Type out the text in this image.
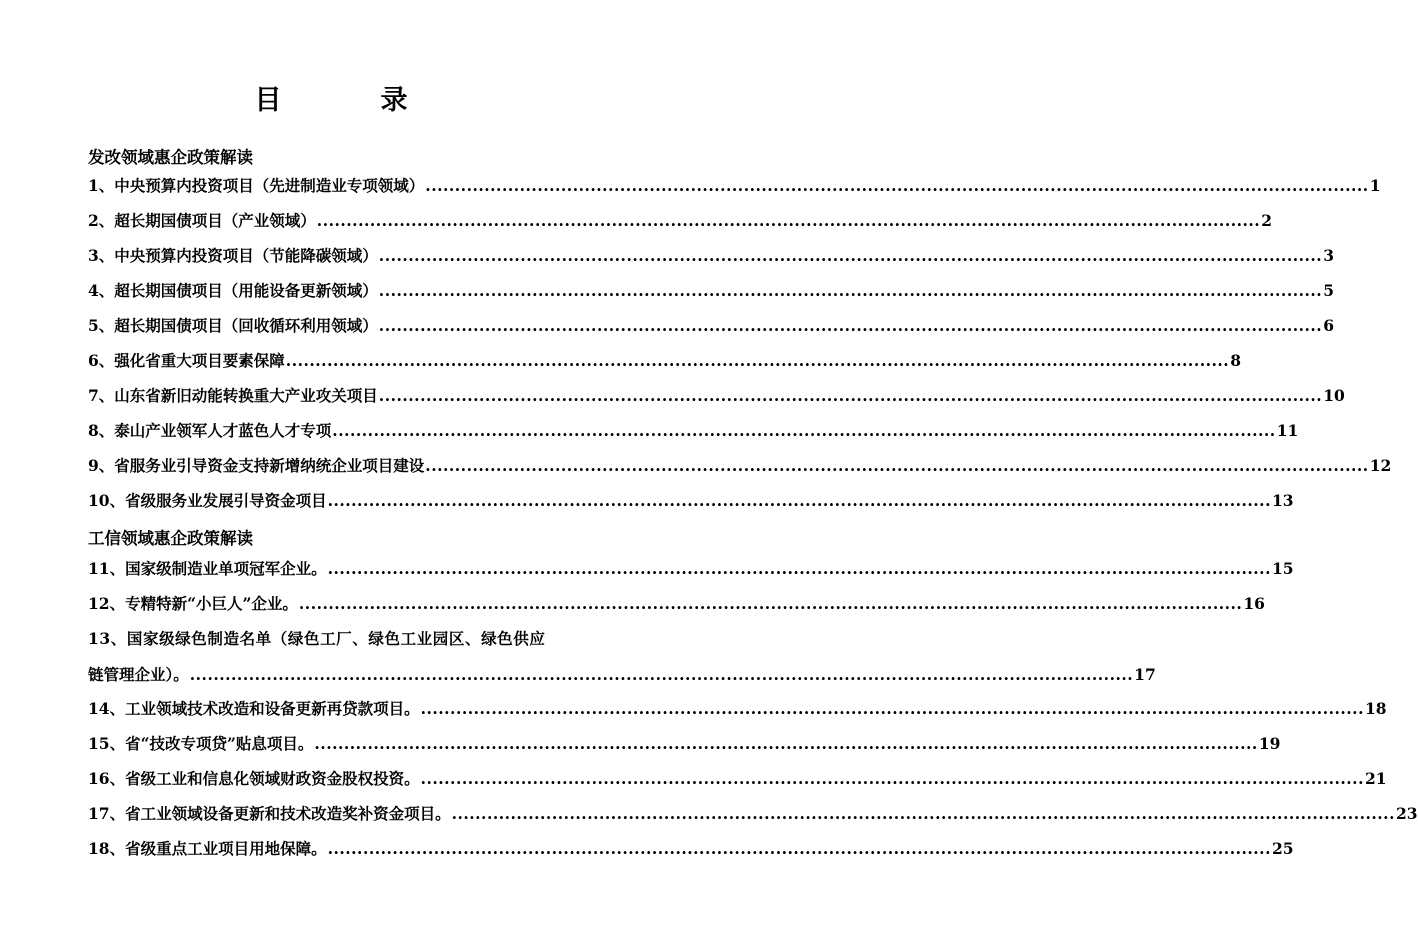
目　录
发改领域惠企政策解读
1、中央预算内投资项目（先进制造业专项领域） ................................................................................................................................................................ 1
2、超长期国债项目（产业领域） ................................................................................................................................................................ 2
3、中央预算内投资项目（节能降碳领域） ................................................................................................................................................................ 3
4、超长期国债项目（用能设备更新领域） ................................................................................................................................................................ 5
5、超长期国债项目（回收循环利用领域） ................................................................................................................................................................ 6
6、强化省重大项目要素保障 ................................................................................................................................................................ 8
7、山东省新旧动能转换重大产业攻关项目 ................................................................................................................................................................ 10
8、泰山产业领军人才蓝色人才专项 ................................................................................................................................................................ 11
9、省服务业引导资金支持新增纳统企业项目建设 ................................................................................................................................................................ 12
10、省级服务业发展引导资金项目 ................................................................................................................................................................ 13
工信领域惠企政策解读
11、国家级制造业单项冠军企业。 ................................................................................................................................................................ 15
12、专精特新“小巨人”企业。 ................................................................................................................................................................ 16
13、国家级绿色制造名单（绿色工厂、绿色工业园区、绿色供应
链管理企业）。 ................................................................................................................................................................ 17
14、工业领域技术改造和设备更新再贷款项目。 ................................................................................................................................................................ 18
15、省“技改专项贷”贴息项目。 ................................................................................................................................................................ 19
16、省级工业和信息化领域财政资金股权投资。 ................................................................................................................................................................ 21
17、省工业领域设备更新和技术改造奖补资金项目。 ................................................................................................................................................................ 23
18、省级重点工业项目用地保障。 ................................................................................................................................................................ 25
